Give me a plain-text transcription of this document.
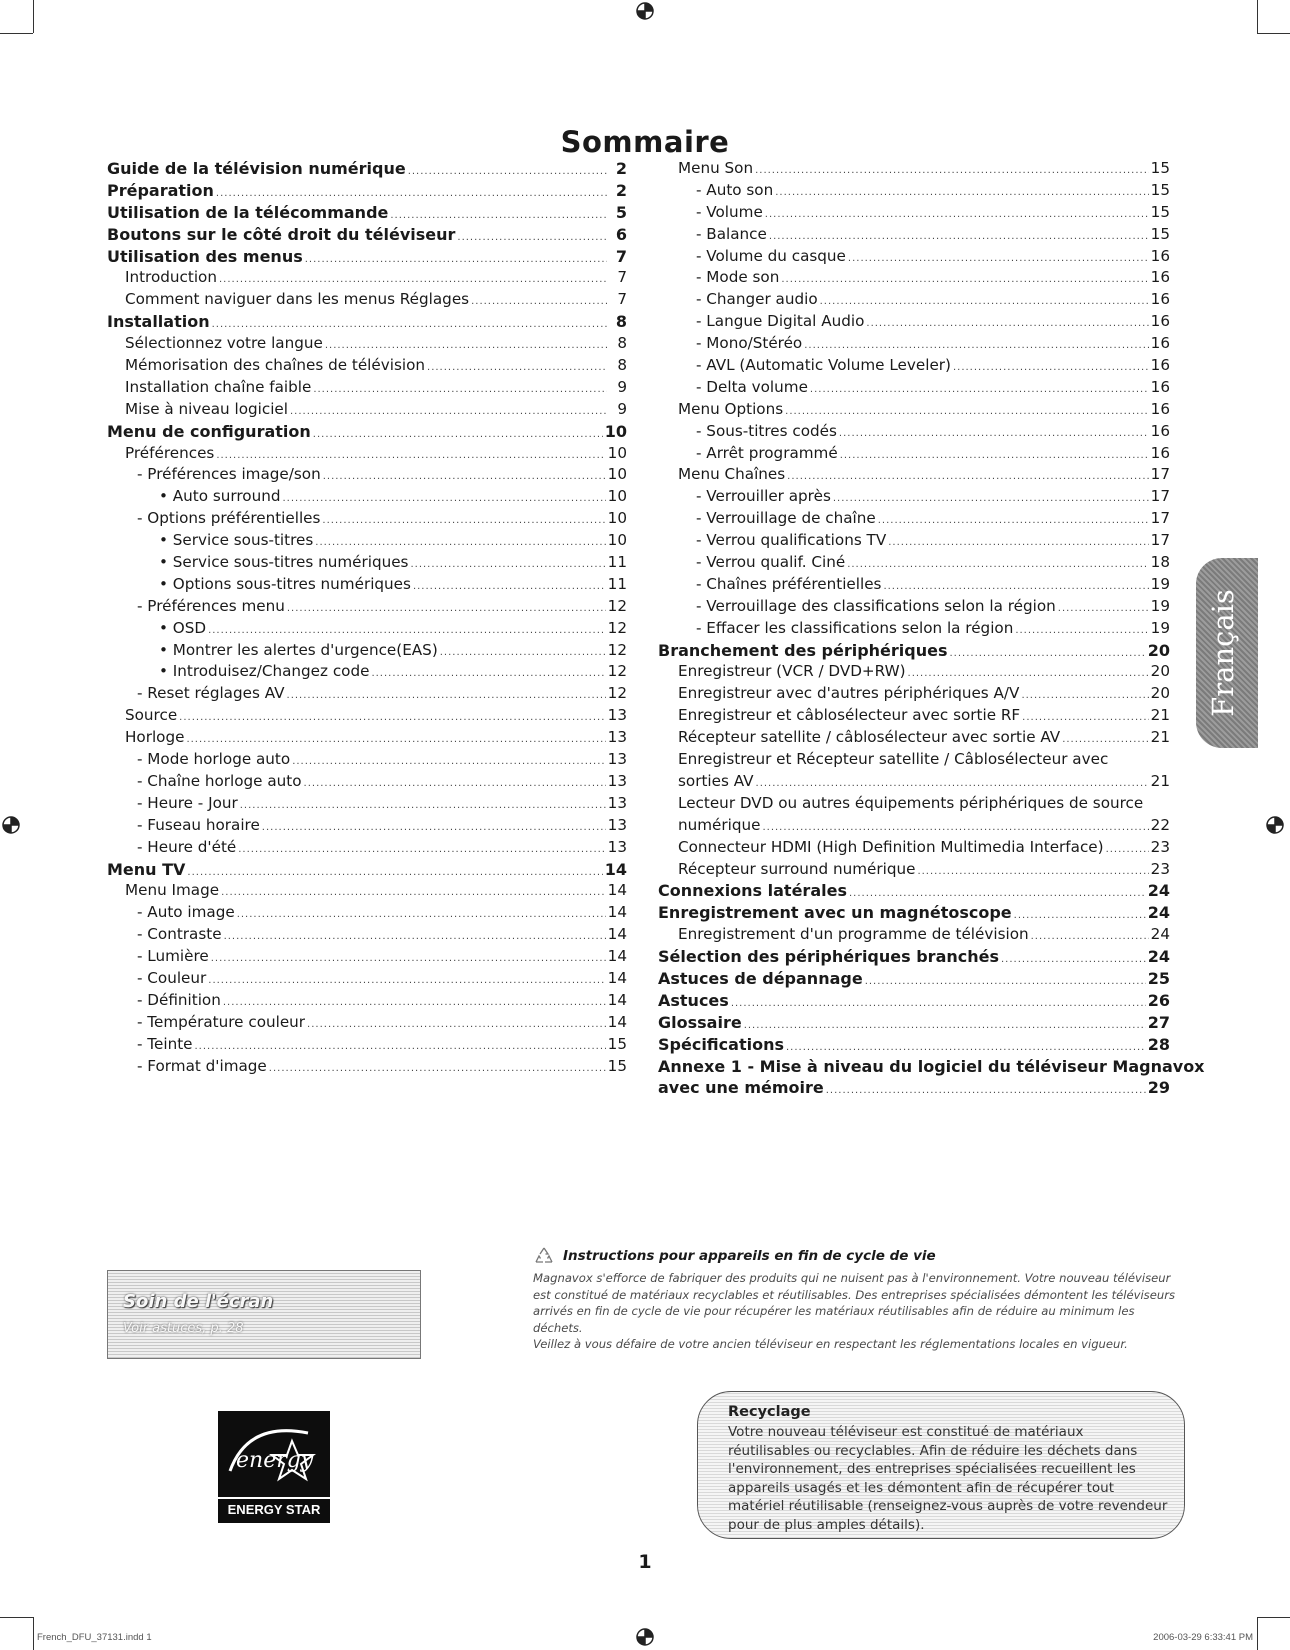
Sommaire
Guide de la télévision numérique .....	2
Préparation .....	2
Utilisation de la télécommande .....	5
Boutons sur le côté droit du téléviseur .....	6
Utilisation des menus .....	7
Introduction .....	7
Comment naviguer dans les menus Réglages .....	7
Installation .....	8
Sélectionnez votre langue .....	8
Mémorisation des chaînes de télévision .....	8
Installation chaîne faible .....	9
Mise à niveau logiciel .....	9
Menu de configuration .....	10
Préférences .....	10
- Préférences image/son .....	10
• Auto surround .....	10
- Options préférentielles .....	10
• Service sous-titres .....	10
• Service sous-titres numériques .....	11
• Options sous-titres numériques .....	11
- Préférences menu .....	12
• OSD .....	12
• Montrer les alertes d'urgence(EAS) .....	12
• Introduisez/Changez code .....	12
- Reset réglages AV .....	12
Source .....	13
Horloge .....	13
- Mode horloge auto .....	13
- Chaîne horloge auto .....	13
- Heure - Jour .....	13
- Fuseau horaire .....	13
- Heure d'été .....	13
Menu TV .....	14
Menu Image .....	14
- Auto image .....	14
- Contraste .....	14
- Lumière .....	14
- Couleur .....	14
- Définition .....	14
- Température couleur .....	14
- Teinte .....	15
- Format d'image .....	15
Menu Son .....	15
- Auto son .....	15
- Volume .....	15
- Balance .....	15
- Volume du casque .....	16
- Mode son .....	16
- Changer audio .....	16
- Langue Digital Audio .....	16
- Mono/Stéréo .....	16
- AVL (Automatic Volume Leveler) .....	16
- Delta volume .....	16
Menu Options .....	16
- Sous-titres codés .....	16
- Arrêt programmé .....	16
Menu Chaînes .....	17
- Verrouiller après .....	17
- Verrouillage de chaîne .....	17
- Verrou qualifications TV .....	17
- Verrou qualif. Ciné .....	18
- Chaînes préférentielles .....	19
- Verrouillage des classifications selon la région .....	19
- Effacer les classifications selon la région .....	19
Branchement des périphériques .....	20
Enregistreur (VCR / DVD+RW) .....	20
Enregistreur avec d'autres périphériques A/V .....	20
Enregistreur et câblosélecteur avec sortie RF .....	21
Récepteur satellite / câblosélecteur avec sortie AV .....	21
Enregistreur et Récepteur satellite / Câblosélecteur avec
sorties AV .....	21
Lecteur DVD ou autres équipements périphériques de source
numérique .....	22
Connecteur HDMI (High Definition Multimedia Interface) .....	23
Récepteur surround numérique .....	23
Connexions latérales .....	24
Enregistrement avec un magnétoscope .....	24
Enregistrement d'un programme de télévision .....	24
Sélection des périphériques branchés .....	24
Astuces de dépannage .....	25
Astuces .....	26
Glossaire .....	27
Spécifications .....	28
Annexe 1 - Mise à niveau du logiciel du téléviseur Magnavox
avec une mémoire .....	29
Français
Soin de l'écran
Voir astuces, p. 28
Instructions pour appareils en fin de cycle de vie
Magnavox s'efforce de fabriquer des produits qui ne nuisent pas à l'environnement. Votre nouveau téléviseur est constitué de matériaux recyclables et réutilisables. Des entreprises spécialisées démontent les téléviseurs arrivés en fin de cycle de vie pour récupérer les matériaux réutilisables afin de réduire au minimum les déchets.
Veillez à vous défaire de votre ancien téléviseur en respectant les réglementations locales en vigueur.
energy
ENERGY STAR
Recyclage
Votre nouveau téléviseur est constitué de matériaux réutilisables ou recyclables. Afin de réduire les déchets dans l'environnement, des entreprises spécialisées recueillent les appareils usagés et les démontent afin de récupérer tout matériel réutilisable (renseignez-vous auprès de votre revendeur pour de plus amples détails).
1
French_DFU_37131.indd 1	2006-03-29 6:33:41 PM
